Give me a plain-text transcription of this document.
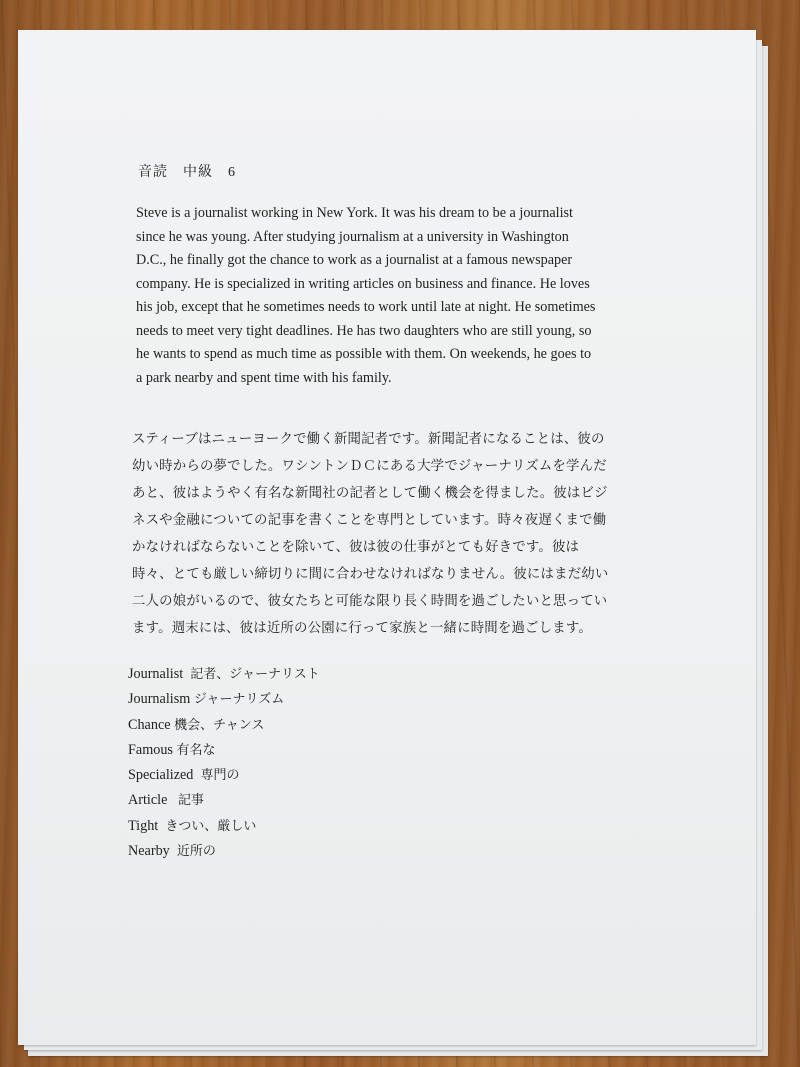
音読　中級　6

Steve is a journalist working in New York. It was his dream to be a journalist
since he was young. After studying journalism at a university in Washington
D.C., he finally got the chance to work as a journalist at a famous newspaper
company. He is specialized in writing articles on business and finance. He loves
his job, except that he sometimes needs to work until late at night. He sometimes
needs to meet very tight deadlines. He has two daughters who are still young, so
he wants to spend as much time as possible with them. On weekends, he goes to
a park nearby and spent time with his family.

スティーブはニューヨークで働く新聞記者です。新聞記者になることは、彼の
幼い時からの夢でした。ワシントンＤＣにある大学でジャーナリズムを学んだ
あと、彼はようやく有名な新聞社の記者として働く機会を得ました。彼はビジ
ネスや金融についての記事を書くことを専門としています。時々夜遅くまで働
かなければならないことを除いて、彼は彼の仕事がとても好きです。彼は
時々、とても厳しい締切りに間に合わせなければなりません。彼にはまだ幼い
二人の娘がいるので、彼女たちと可能な限り長く時間を過ごしたいと思ってい
ます。週末には、彼は近所の公園に行って家族と一緒に時間を過ごします。

Journalist 記者、ジャーナリスト
Journalism ジャーナリズム
Chance 機会、チャンス
Famous 有名な
Specialized 専門の
Article 記事
Tight きつい、厳しい
Nearby 近所の
